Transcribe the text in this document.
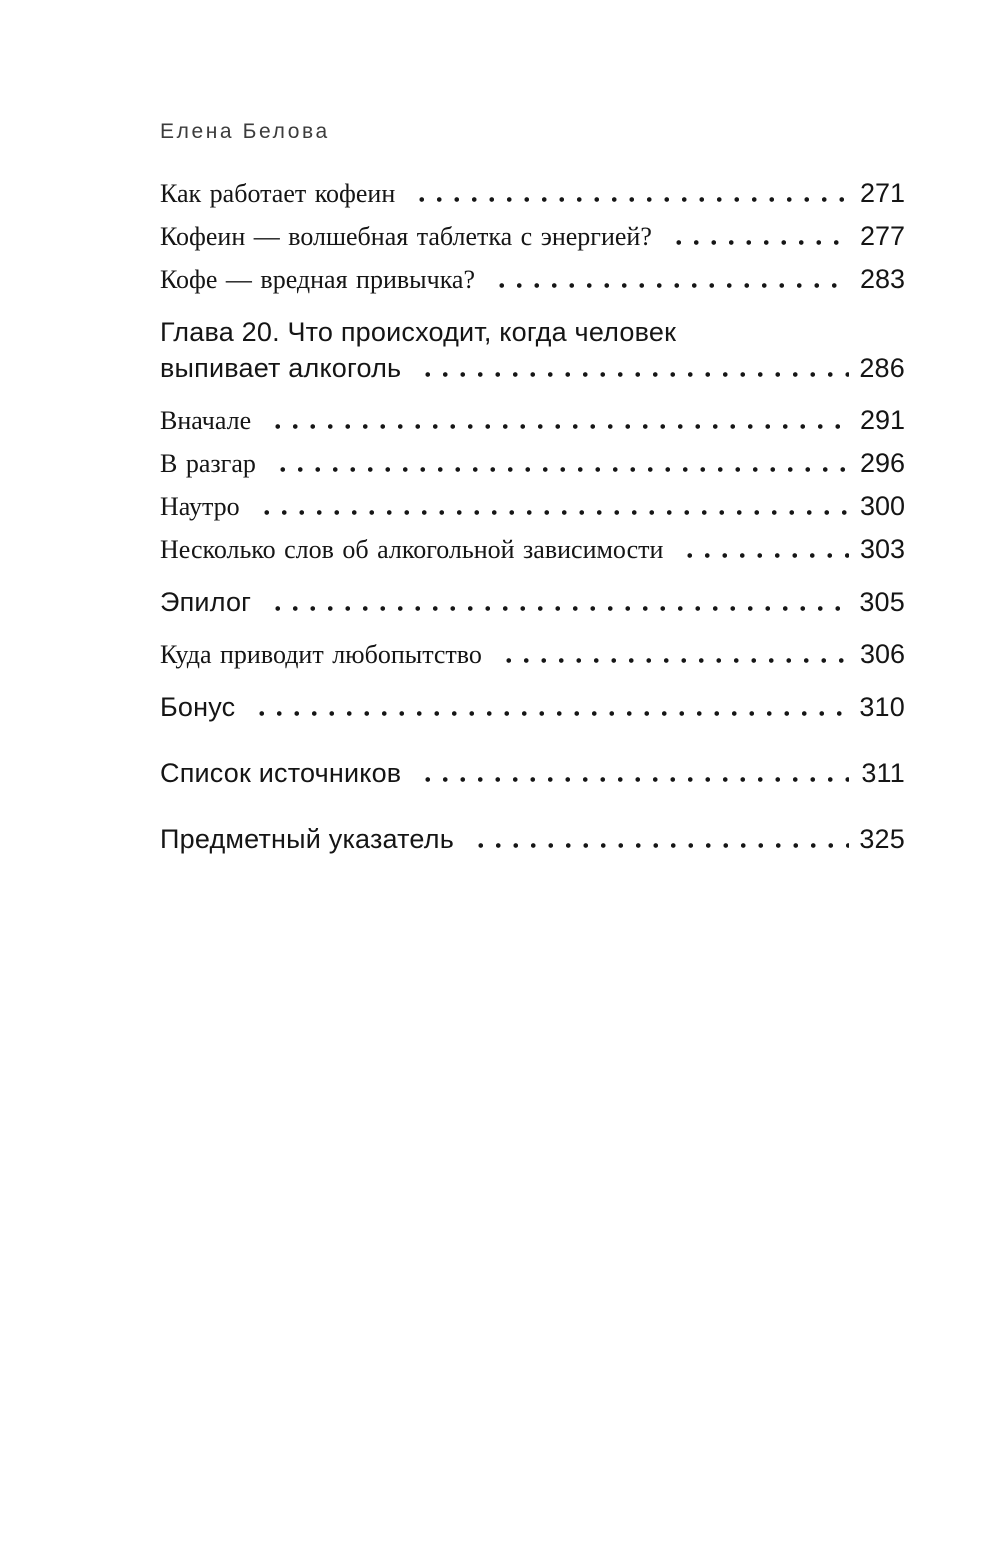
Елена Белова
Как работает кофеин	271
Кофеин — волшебная таблетка с энергией?	277
Кофе — вредная привычка?	283
Глава 20. Что происходит, когда человек
выпивает алкоголь	286
Вначале	291
В разгар	296
Наутро	300
Несколько слов об алкогольной зависимости	303
Эпилог	305
Куда приводит любопытство	306
Бонус	310
Список источников	311
Предметный указатель	325
